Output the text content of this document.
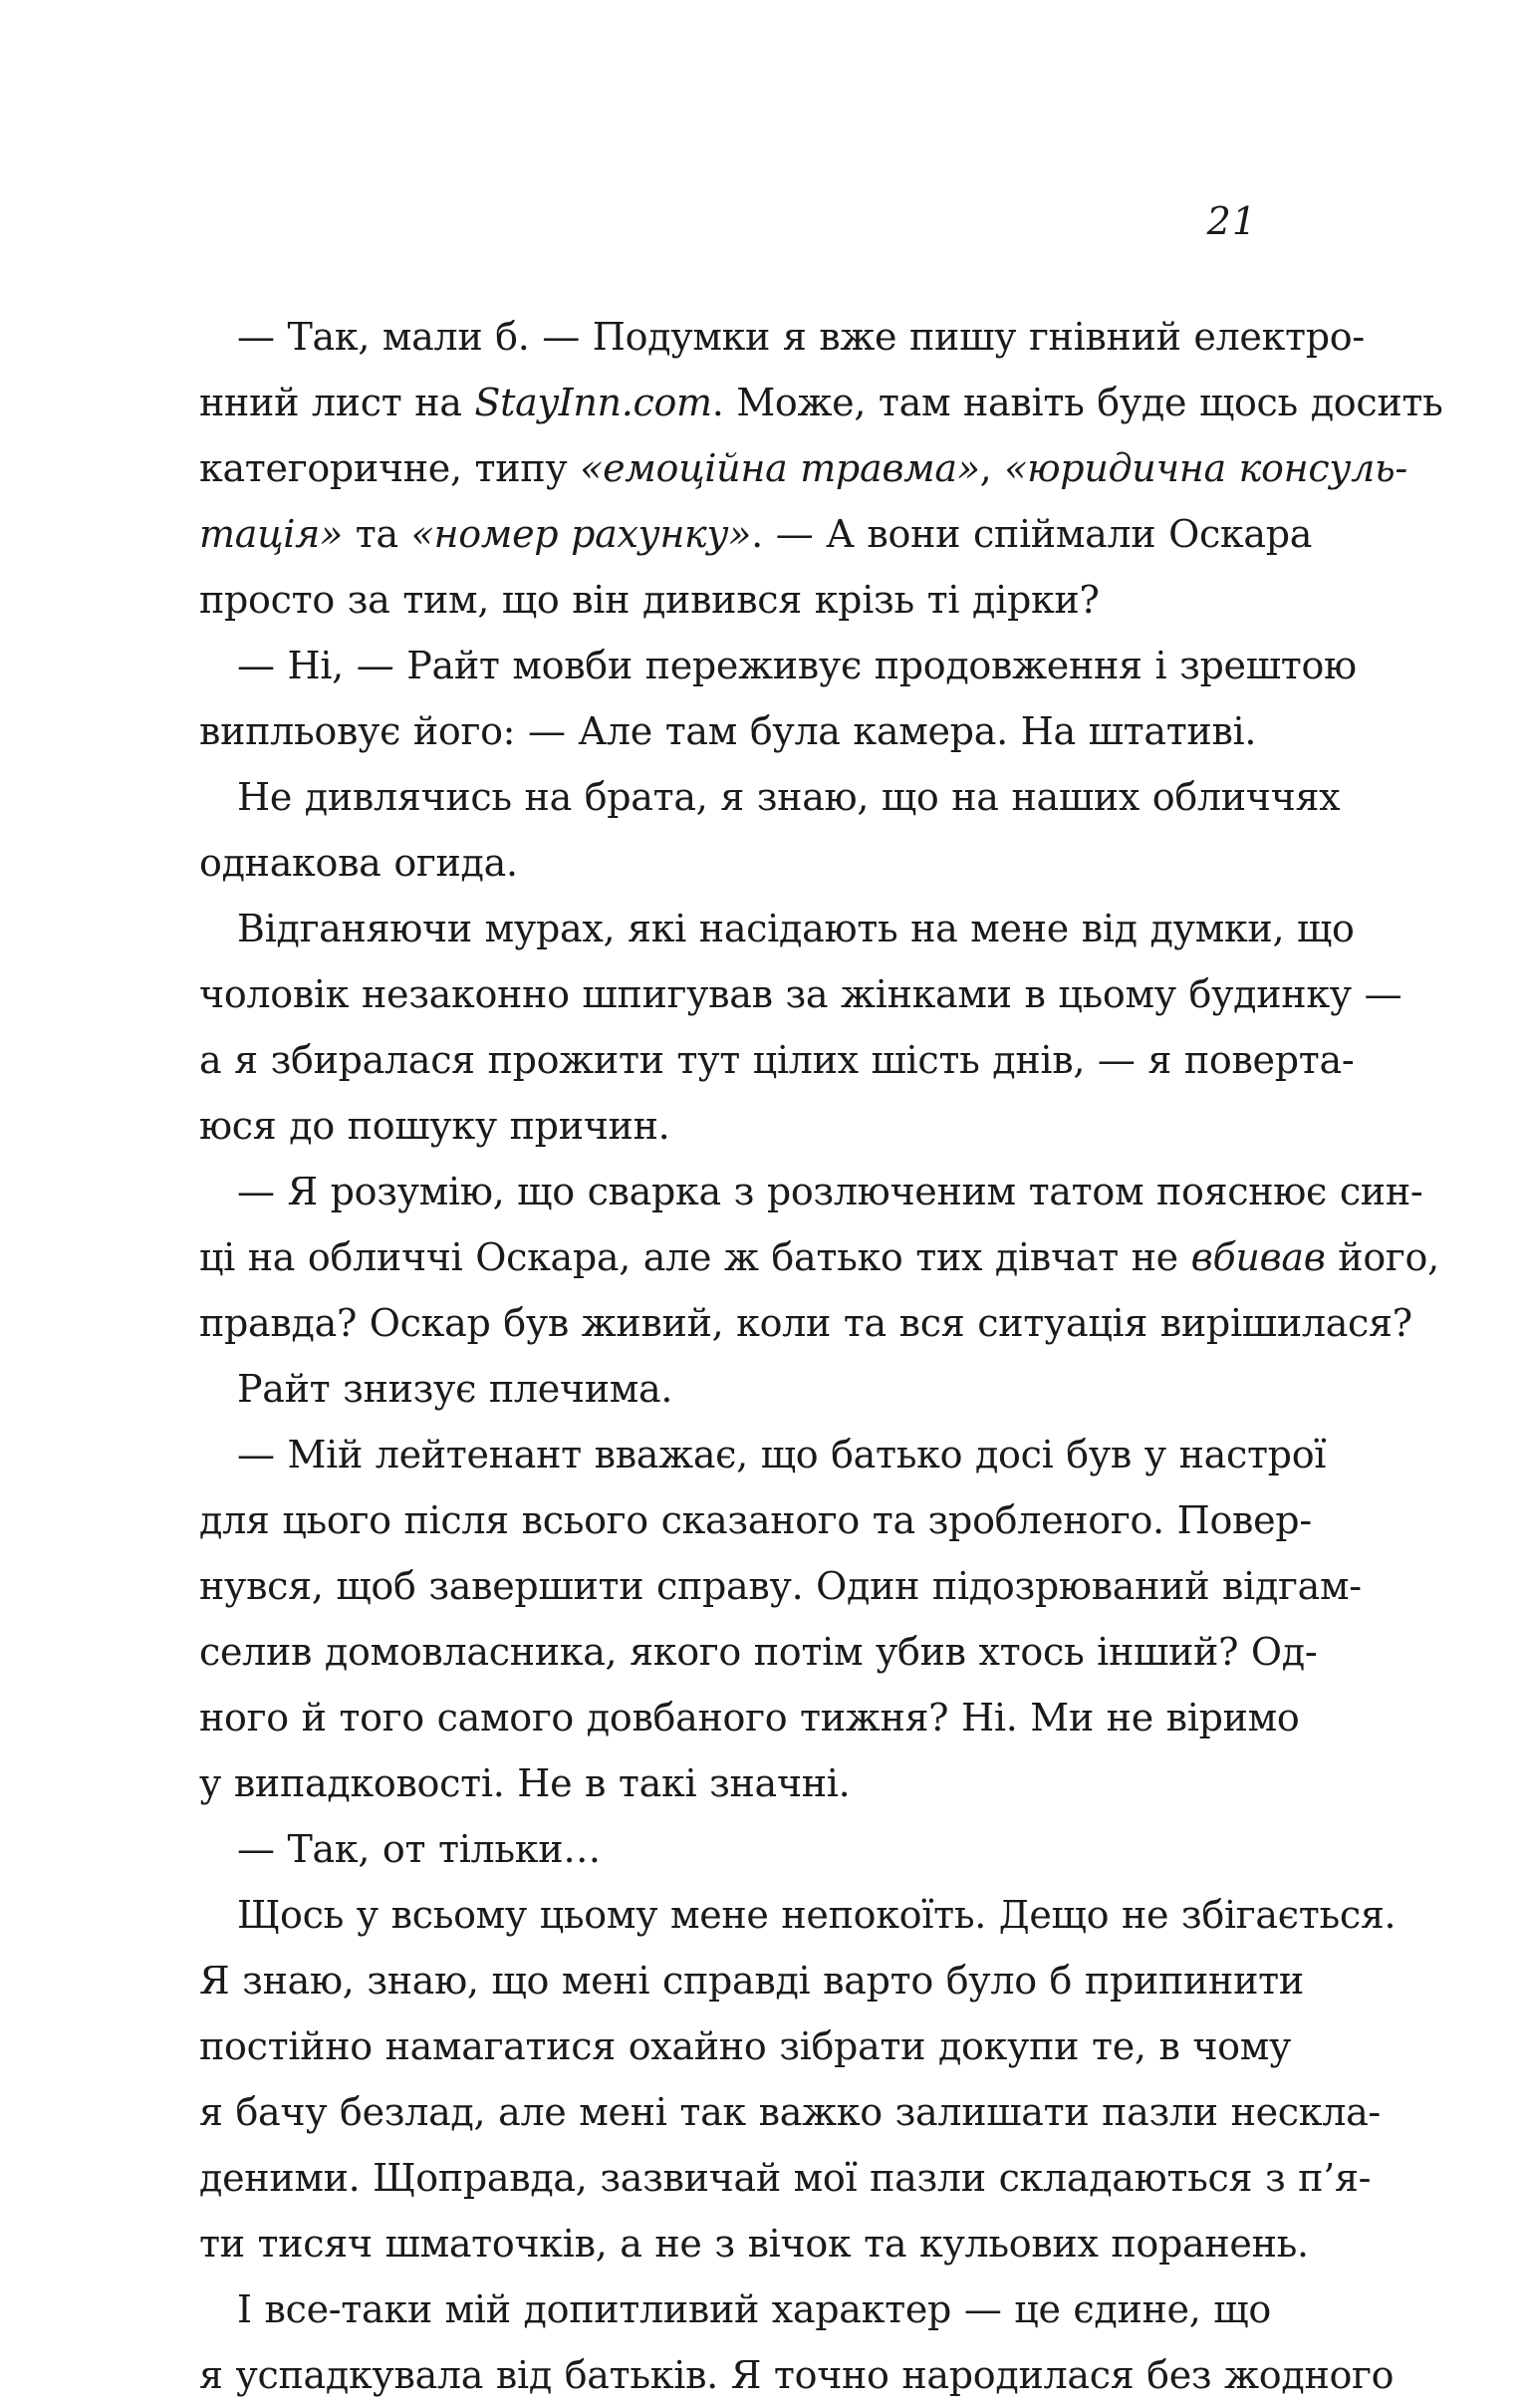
21
— Так, мали б. — Подумки я вже пишу гнівний електро-
нний лист на StayInn.com. Може, там навіть буде щось досить
категоричне, типу «емоційна травма», «юридична консуль-
тація» та «номер рахунку». — А вони спіймали Оскара
просто за тим, що він дивився крізь ті дірки?
— Ні, — Райт мовби переживує продовження і зрештою
випльовує його: — Але там була камера. На штативі.
Не дивлячись на брата, я знаю, що на наших обличчях
однакова огида.
Відганяючи мурах, які насідають на мене від думки, що
чоловік незаконно шпигував за жінками в цьому будинку —
а я збиралася прожити тут цілих шість днів, — я поверта-
юся до пошуку причин.
— Я розумію, що сварка з розлюченим татом пояснює син-
ці на обличчі Оскара, але ж батько тих дівчат не вбивав його,
правда? Оскар був живий, коли та вся ситуація вирішилася?
Райт знизує плечима.
— Мій лейтенант вважає, що батько досі був у настрої
для цього після всього сказаного та зробленого. Повер-
нувся, щоб завершити справу. Один підозрюваний відгам-
селив домовласника, якого потім убив хтось інший? Од-
ного й того самого довбаного тижня? Ні. Ми не віримо
у випадковості. Не в такі значні.
— Так, от тільки…
Щось у всьому цьому мене непокоїть. Дещо не збігається.
Я знаю, знаю, що мені справді варто було б припинити
постійно намагатися охайно зібрати докупи те, в чому
я бачу безлад, але мені так важко залишати пазли нескла-
деними. Щоправда, зазвичай мої пазли складаються з п’я-
ти тисяч шматочків, а не з вічок та кульових поранень.
І все-таки мій допитливий характер — це єдине, що
я успадкувала від батьків. Я точно народилася без жодного
